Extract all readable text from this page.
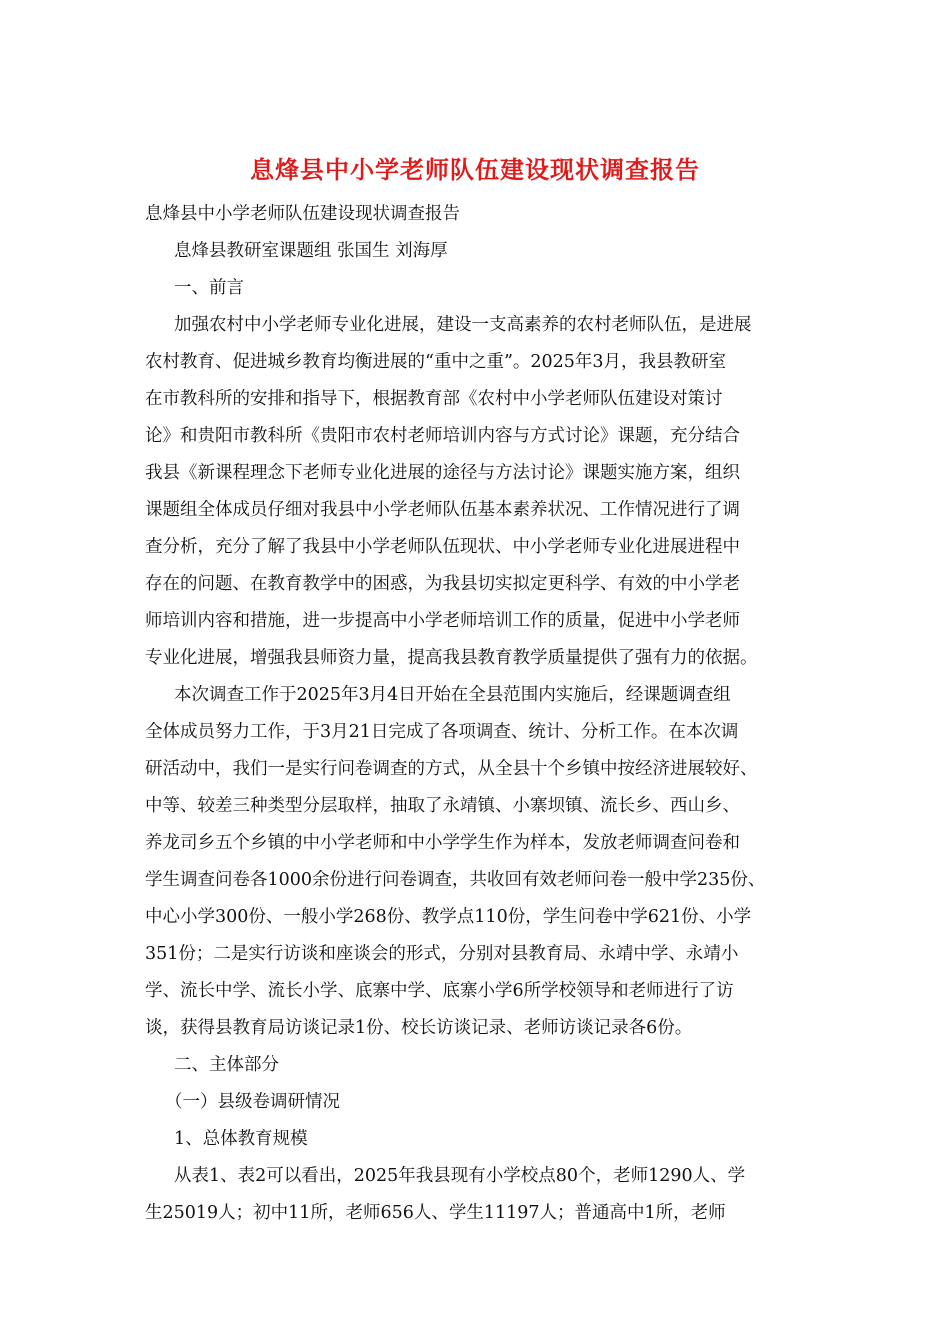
息烽县中小学老师队伍建设现状调查报告
息烽县中小学老师队伍建设现状调查报告
息烽县教研室课题组 张国生 刘海厚
一、前言
加强农村中小学老师专业化进展，建设一支高素养的农村老师队伍，是进展
农村教育、促进城乡教育均衡进展的“重中之重”。2025年3月，我县教研室
在市教科所的安排和指导下，根据教育部《农村中小学老师队伍建设对策讨
论》和贵阳市教科所《贵阳市农村老师培训内容与方式讨论》课题，充分结合
我县《新课程理念下老师专业化进展的途径与方法讨论》课题实施方案，组织
课题组全体成员仔细对我县中小学老师队伍基本素养状况、工作情况进行了调
查分析，充分了解了我县中小学老师队伍现状、中小学老师专业化进展进程中
存在的问题、在教育教学中的困惑，为我县切实拟定更科学、有效的中小学老
师培训内容和措施，进一步提高中小学老师培训工作的质量，促进中小学老师
专业化进展，增强我县师资力量，提高我县教育教学质量提供了强有力的依据。
本次调查工作于2025年3月4日开始在全县范围内实施后，经课题调查组
全体成员努力工作，于3月21日完成了各项调查、统计、分析工作。在本次调
研活动中，我们一是实行问卷调查的方式，从全县十个乡镇中按经济进展较好、
中等、较差三种类型分层取样，抽取了永靖镇、小寨坝镇、流长乡、西山乡、
养龙司乡五个乡镇的中小学老师和中小学学生作为样本，发放老师调查问卷和
学生调查问卷各1000余份进行问卷调查，共收回有效老师问卷一般中学235份、
中心小学300份、一般小学268份、教学点110份，学生问卷中学621份、小学
351份；二是实行访谈和座谈会的形式，分别对县教育局、永靖中学、永靖小
学、流长中学、流长小学、底寨中学、底寨小学6所学校领导和老师进行了访
谈，获得县教育局访谈记录1份、校长访谈记录、老师访谈记录各6份。
二、主体部分
（一）县级卷调研情况
1、总体教育规模
从表1、表2可以看出，2025年我县现有小学校点80个，老师1290人、学
生25019人；初中11所，老师656人、学生11197人；普通高中1所，老师
